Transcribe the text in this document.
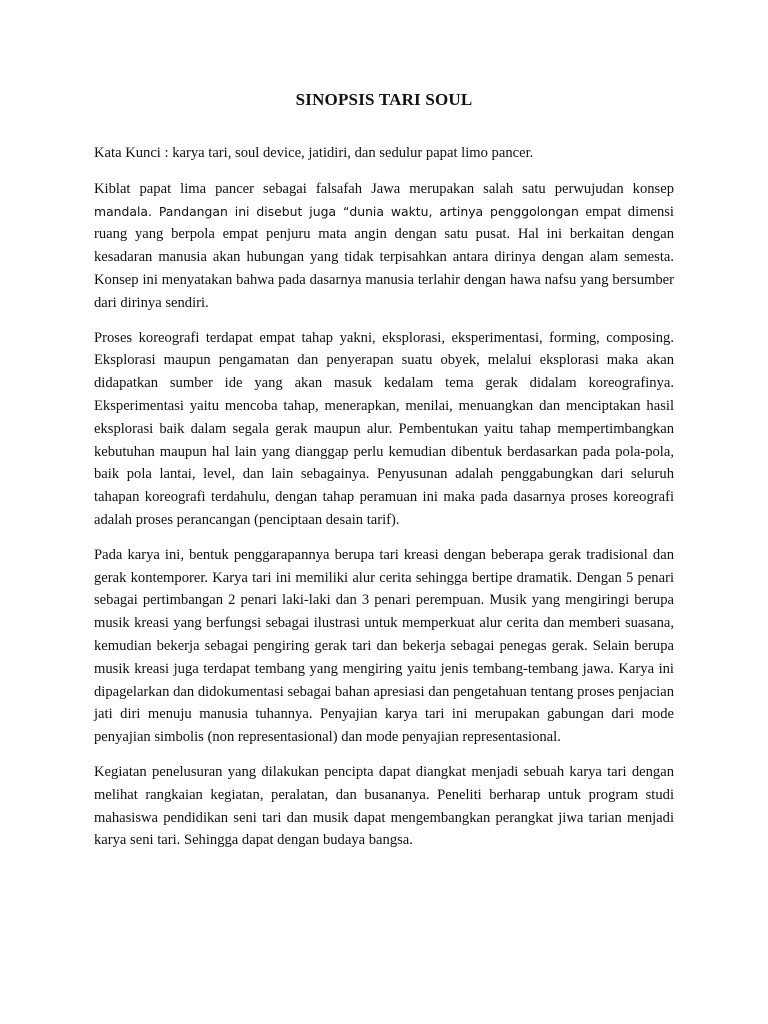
SINOPSIS TARI SOUL

Kata Kunci : karya tari, soul device, jatidiri, dan sedulur papat limo pancer.

Kiblat papat lima pancer sebagai falsafah Jawa merupakan salah satu perwujudan konsep mandala. Pandangan ini disebut juga “dunia waktu, artinya penggolongan empat dimensi ruang yang berpola empat penjuru mata angin dengan satu pusat. Hal ini berkaitan dengan kesadaran manusia akan hubungan yang tidak terpisahkan antara dirinya dengan alam semesta. Konsep ini menyatakan bahwa pada dasarnya manusia terlahir dengan hawa nafsu yang bersumber dari dirinya sendiri.

Proses koreografi terdapat empat tahap yakni, eksplorasi, eksperimentasi, forming, composing. Eksplorasi maupun pengamatan dan penyerapan suatu obyek, melalui eksplorasi maka akan didapatkan sumber ide yang akan masuk kedalam tema gerak didalam koreografinya. Eksperimentasi yaitu mencoba tahap, menerapkan, menilai, menuangkan dan menciptakan hasil eksplorasi baik dalam segala gerak maupun alur. Pembentukan yaitu tahap mempertimbangkan kebutuhan maupun hal lain yang dianggap perlu kemudian dibentuk berdasarkan pada pola-pola, baik pola lantai, level, dan lain sebagainya. Penyusunan adalah penggabungkan dari seluruh tahapan koreografi terdahulu, dengan tahap peramuan ini maka pada dasarnya proses koreografi adalah proses perancangan (penciptaan desain tarif).

Pada karya ini, bentuk penggarapannya berupa tari kreasi dengan beberapa gerak tradisional dan gerak kontemporer. Karya tari ini memiliki alur cerita sehingga bertipe dramatik. Dengan 5 penari sebagai pertimbangan 2 penari laki-laki dan 3 penari perempuan. Musik yang mengiringi berupa musik kreasi yang berfungsi sebagai ilustrasi untuk memperkuat alur cerita dan memberi suasana, kemudian bekerja sebagai pengiring gerak tari dan bekerja sebagai penegas gerak. Selain berupa musik kreasi juga terdapat tembang yang mengiring yaitu jenis tembang-tembang jawa. Karya ini dipagelarkan dan didokumentasi sebagai bahan apresiasi dan pengetahuan tentang proses penjacian jati diri menuju manusia tuhannya. Penyajian karya tari ini merupakan gabungan dari mode penyajian simbolis (non representasional) dan mode penyajian representasional.

Kegiatan penelusuran yang dilakukan pencipta dapat diangkat menjadi sebuah karya tari dengan melihat rangkaian kegiatan, peralatan, dan busananya. Peneliti berharap untuk program studi mahasiswa pendidikan seni tari dan musik dapat mengembangkan perangkat jiwa tarian menjadi karya seni tari. Sehingga dapat dengan budaya bangsa.
